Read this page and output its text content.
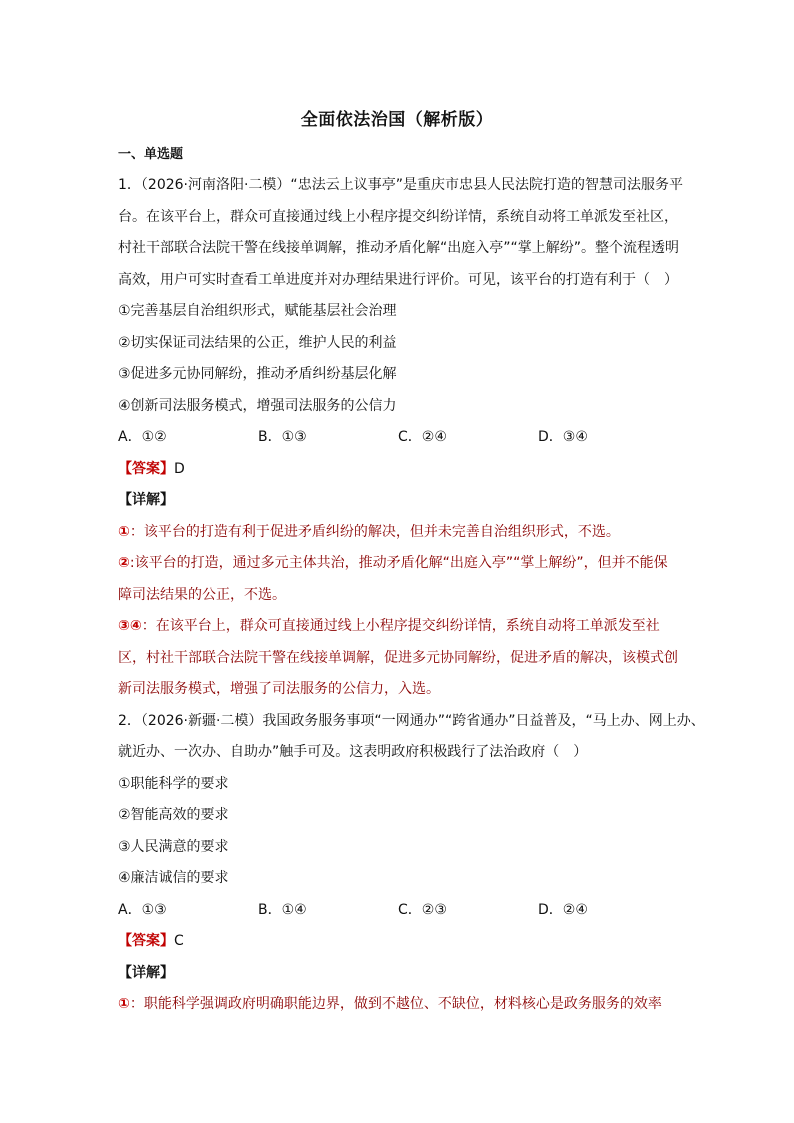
全面依法治国（解析版）
一、单选题
1．（2026·河南洛阳·二模）“忠法云上议事亭”是重庆市忠县人民法院打造的智慧司法服务平
台。在该平台上，群众可直接通过线上小程序提交纠纷详情，系统自动将工单派发至社区，
村社干部联合法院干警在线接单调解，推动矛盾化解“出庭入亭”“掌上解纷”。整个流程透明
高效，用户可实时查看工单进度并对办理结果进行评价。可见，该平台的打造有利于（　）
①完善基层自治组织形式，赋能基层社会治理
②切实保证司法结果的公正，维护人民的利益
③促进多元协同解纷，推动矛盾纠纷基层化解
④创新司法服务模式，增强司法服务的公信力
A．①②	B．①③	C．②④	D．③④
【答案】D
【详解】
①：该平台的打造有利于促进矛盾纠纷的解决，但并未完善自治组织形式，不选。
②:该平台的打造，通过多元主体共治，推动矛盾化解“出庭入亭”“掌上解纷”，但并不能保
障司法结果的公正，不选。
③④：在该平台上，群众可直接通过线上小程序提交纠纷详情，系统自动将工单派发至社
区，村社干部联合法院干警在线接单调解，促进多元协同解纷，促进矛盾的解决，该模式创
新司法服务模式，增强了司法服务的公信力，入选。
2．（2026·新疆·二模）我国政务服务事项“一网通办”“跨省通办”日益普及，“马上办、网上办、
就近办、一次办、自助办”触手可及。这表明政府积极践行了法治政府（　）
①职能科学的要求
②智能高效的要求
③人民满意的要求
④廉洁诚信的要求
A．①③	B．①④	C．②③	D．②④
【答案】C
【详解】
①：职能科学强调政府明确职能边界，做到不越位、不缺位，材料核心是政务服务的效率
